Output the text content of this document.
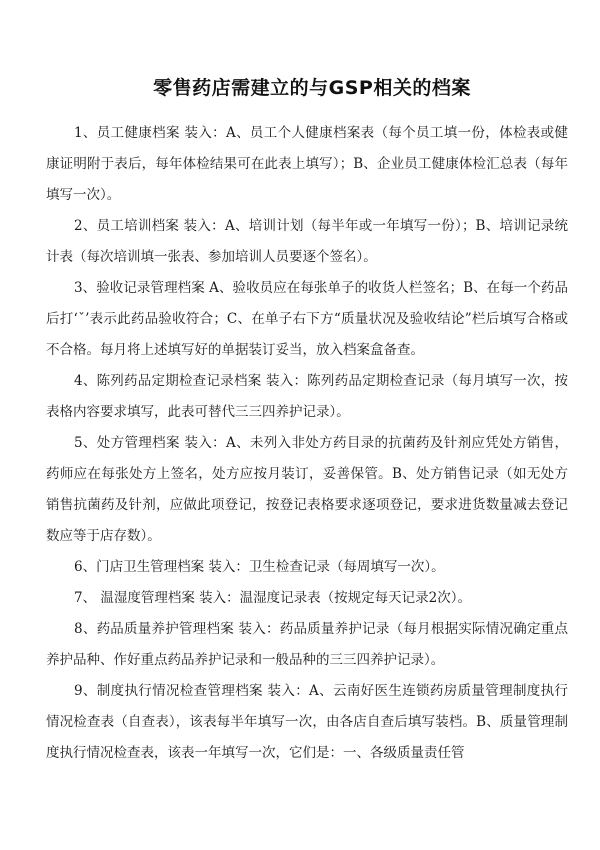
零售药店需建立的与GSP相关的档案

1、员工健康档案 装入：A、员工个人健康档案表（每个员工填一份，体检表或健康证明附于表后，每年体检结果可在此表上填写）；B、企业员工健康体检汇总表（每年填写一次）。

2、员工培训档案 装入：A、培训计划（每半年或一年填写一份）；B、培训记录统计表（每次培训填一张表、参加培训人员要逐个签名）。

3、验收记录管理档案 A、验收员应在每张单子的收货人栏签名；B、在每一个药品后打‘ˇ’表示此药品验收符合；C、在单子右下方“质量状况及验收结论”栏后填写合格或不合格。每月将上述填写好的单据装订妥当，放入档案盒备查。

4、陈列药品定期检查记录档案 装入：陈列药品定期检查记录（每月填写一次，按表格内容要求填写，此表可替代三三四养护记录）。

5、处方管理档案 装入：A、未列入非处方药目录的抗菌药及针剂应凭处方销售，药师应在每张处方上签名，处方应按月装订，妥善保管。B、处方销售记录（如无处方销售抗菌药及针剂，应做此项登记，按登记表格要求逐项登记，要求进货数量减去登记数应等于店存数）。

6、门店卫生管理档案 装入：卫生检查记录（每周填写一次）。

7、 温湿度管理档案 装入：温湿度记录表（按规定每天记录2次）。

8、药品质量养护管理档案 装入：药品质量养护记录（每月根据实际情况确定重点养护品种、作好重点药品养护记录和一般品种的三三四养护记录）。

9、制度执行情况检查管理档案 装入：A、云南好医生连锁药房质量管理制度执行情况检查表（自查表），该表每半年填写一次，由各店自查后填写装档。B、质量管理制度执行情况检查表，该表一年填写一次，它们是：一、各级质量责任管
